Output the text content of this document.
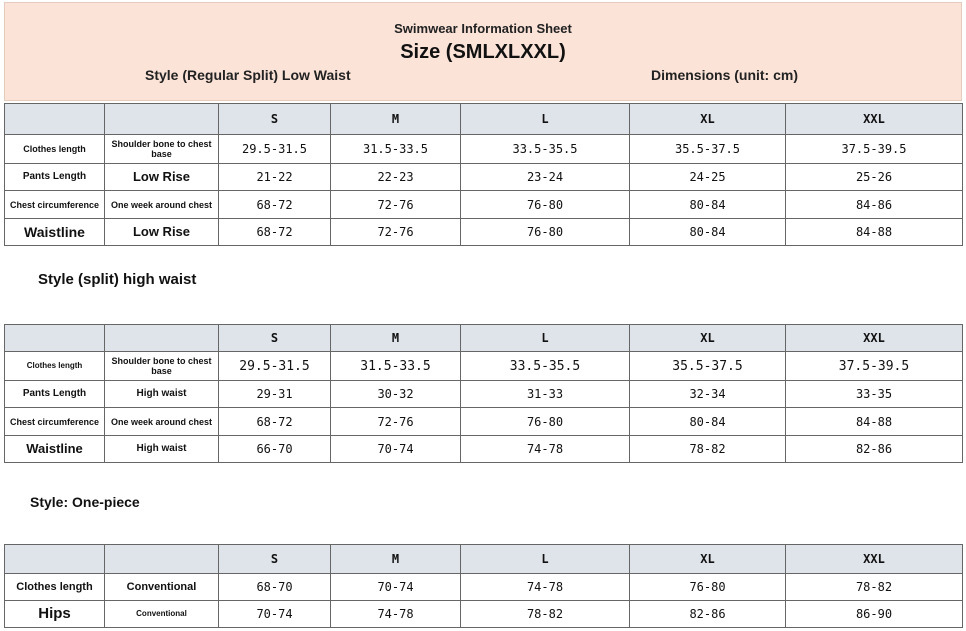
Swimwear Information Sheet
Size (SMLXLXXL)
Style (Regular Split) Low Waist	Dimensions (unit: cm)
		S	M	L	XL	XXL
Clothes length	Shoulder bone to chest base	29.5-31.5	31.5-33.5	33.5-35.5	35.5-37.5	37.5-39.5
Pants Length	Low Rise	21-22	22-23	23-24	24-25	25-26
Chest circumference	One week around chest	68-72	72-76	76-80	80-84	84-86
Waistline	Low Rise	68-72	72-76	76-80	80-84	84-88
Style (split) high waist
		S	M	L	XL	XXL
Clothes length	Shoulder bone to chest base	29.5-31.5	31.5-33.5	33.5-35.5	35.5-37.5	37.5-39.5
Pants Length	High waist	29-31	30-32	31-33	32-34	33-35
Chest circumference	One week around chest	68-72	72-76	76-80	80-84	84-88
Waistline	High waist	66-70	70-74	74-78	78-82	82-86
Style: One-piece
		S	M	L	XL	XXL
Clothes length	Conventional	68-70	70-74	74-78	76-80	78-82
Hips	Conventional	70-74	74-78	78-82	82-86	86-90
